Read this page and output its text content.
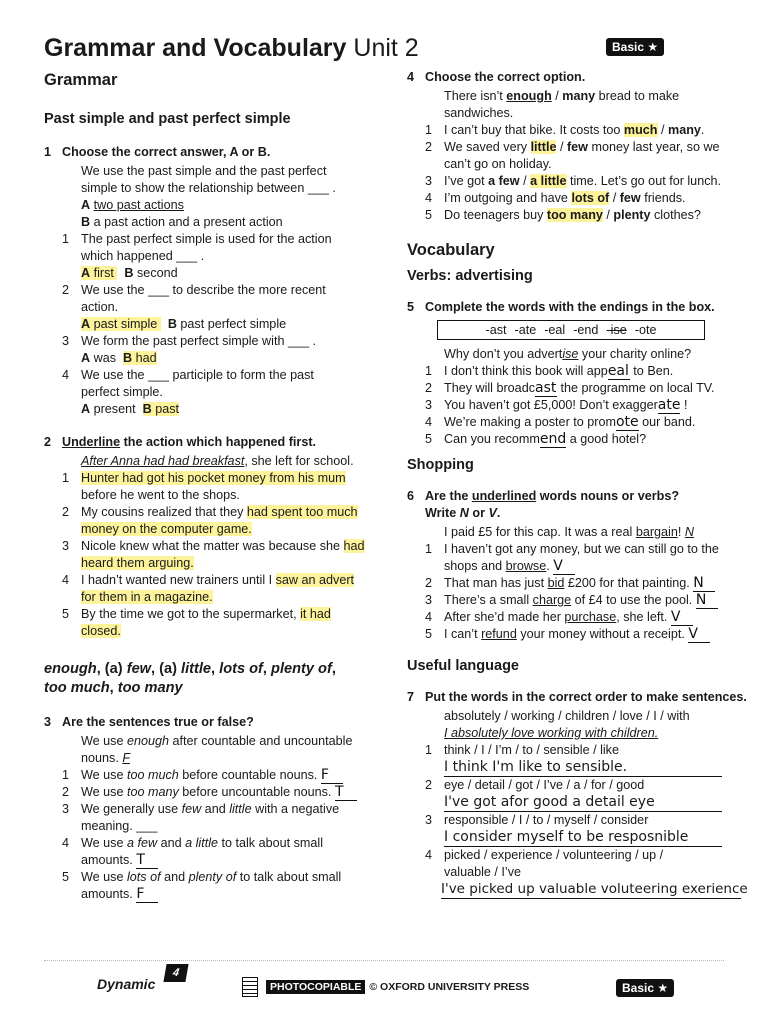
Grammar and Vocabulary Unit 2	Basic ★
Grammar
Past simple and past perfect simple
1 Choose the correct answer, A or B.
We use the past simple and the past perfect
simple to show the relationship between ___ .
A two past actions
B a past action and a present action
1 The past perfect simple is used for the action
which happened ___ .
A first B second
2 We use the ___ to describe the more recent
action.
A past simple B past perfect simple
3 We form the past perfect simple with ___ .
A was B had
4 We use the ___ participle to form the past
perfect simple.
A present B past
2 Underline the action which happened first.
After Anna had had breakfast, she left for school.
1 Hunter had got his pocket money from his mum before he went to the shops.
2 My cousins realized that they had spent too much money on the computer game.
3 Nicole knew what the matter was because she had heard them arguing.
4 I hadn’t wanted new trainers until I saw an advert for them in a magazine.
5 By the time we got to the supermarket, it had closed.
enough, (a) few, (a) little, lots of, plenty of,
too much, too many
3 Are the sentences true or false?
We use enough after countable and uncountable nouns. F
1 We use too much before countable nouns. F
2 We use too many before uncountable nouns. T
3 We generally use few and little with a negative meaning. ___
4 We use a few and a little to talk about small amounts. T
5 We use lots of and plenty of to talk about small amounts. F
4 Choose the correct option.
There isn’t enough / many bread to make sandwiches.
1 I can’t buy that bike. It costs too much / many.
2 We saved very little / few money last year, so we can’t go on holiday.
3 I’ve got a few / a little time. Let’s go out for lunch.
4 I’m outgoing and have lots of / few friends.
5 Do teenagers buy too many / plenty clothes?
Vocabulary
Verbs: advertising
5 Complete the words with the endings in the box.
-ast -ate -eal -end -ise -ote
Why don’t you advertise your charity online?
1 I don’t think this book will appeal to Ben.
2 They will broadcast the programme on local TV.
3 You haven’t got £5,000! Don’t exaggerate !
4 We’re making a poster to promote our band.
5 Can you recommend a good hotel?
Shopping
6 Are the underlined words nouns or verbs?
Write N or V.
I paid £5 for this cap. It was a real bargain! N
1 I haven’t got any money, but we can still go to the shops and browse. V
2 That man has just bid £200 for that painting. N
3 There’s a small charge of £4 to use the pool. N
4 After she’d made her purchase, she left. V
5 I can’t refund your money without a receipt. V
Useful language
7 Put the words in the correct order to make sentences.
absolutely / working / children / love / I / with
I absolutely love working with children.
1 think / I / I’m / to / sensible / like
I think I'm like to sensible.
2 eye / detail / got / I’ve / a / for / good
I've got afor good a detail eye
3 responsible / I / to / myself / consider
I consider myself to be resposnible
4 picked / experience / volunteering / up / valuable / I’ve
I've picked up valuable voluteering exerience
Dynamic
4
PHOTOCOPIABLE © OXFORD UNIVERSITY PRESS	Basic ★
